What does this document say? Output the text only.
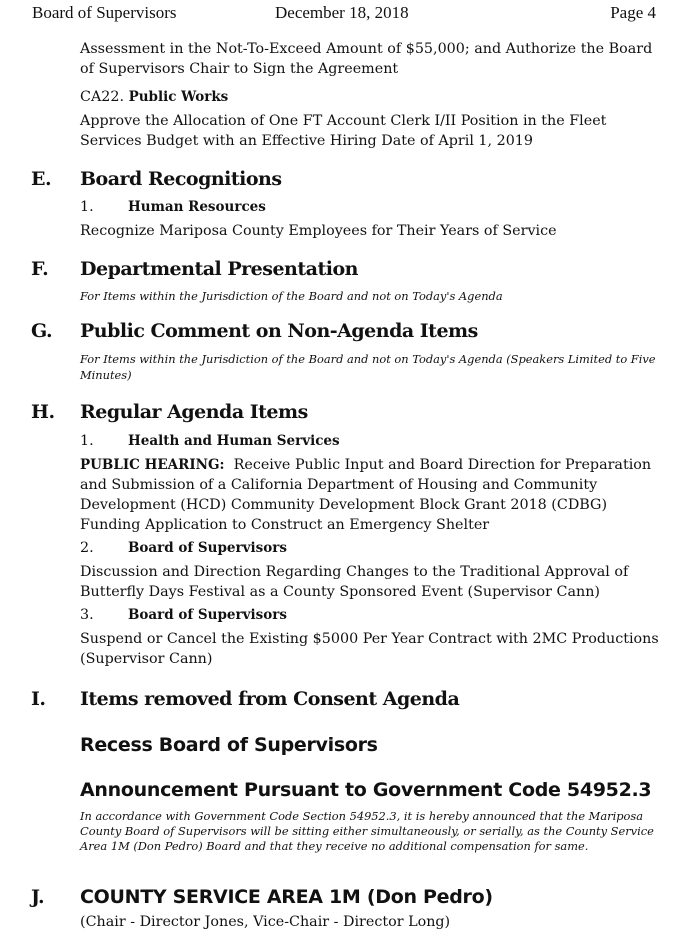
Board of Supervisors	December 18, 2018	Page 4
Assessment in the Not-To-Exceed Amount of $55,000; and Authorize the Board of Supervisors Chair to Sign the Agreement
CA22. Public Works
Approve the Allocation of One FT Account Clerk I/II Position in the Fleet Services Budget with an Effective Hiring Date of April 1, 2019
E. Board Recognitions
1.	Human Resources
Recognize Mariposa County Employees for Their Years of Service
F. Departmental Presentation
For Items within the Jurisdiction of the Board and not on Today's Agenda
G. Public Comment on Non-Agenda Items
For Items within the Jurisdiction of the Board and not on Today's Agenda (Speakers Limited to Five Minutes)
H. Regular Agenda Items
1.	Health and Human Services
PUBLIC HEARING: Receive Public Input and Board Direction for Preparation and Submission of a California Department of Housing and Community Development (HCD) Community Development Block Grant 2018 (CDBG) Funding Application to Construct an Emergency Shelter
2.	Board of Supervisors
Discussion and Direction Regarding Changes to the Traditional Approval of Butterfly Days Festival as a County Sponsored Event (Supervisor Cann)
3.	Board of Supervisors
Suspend or Cancel the Existing $5000 Per Year Contract with 2MC Productions (Supervisor Cann)
I. Items removed from Consent Agenda
Recess Board of Supervisors
Announcement Pursuant to Government Code 54952.3
In accordance with Government Code Section 54952.3, it is hereby announced that the Mariposa County Board of Supervisors will be sitting either simultaneously, or serially, as the County Service Area 1M (Don Pedro) Board and that they receive no additional compensation for same.
J. COUNTY SERVICE AREA 1M (Don Pedro)
(Chair - Director Jones, Vice-Chair - Director Long)
